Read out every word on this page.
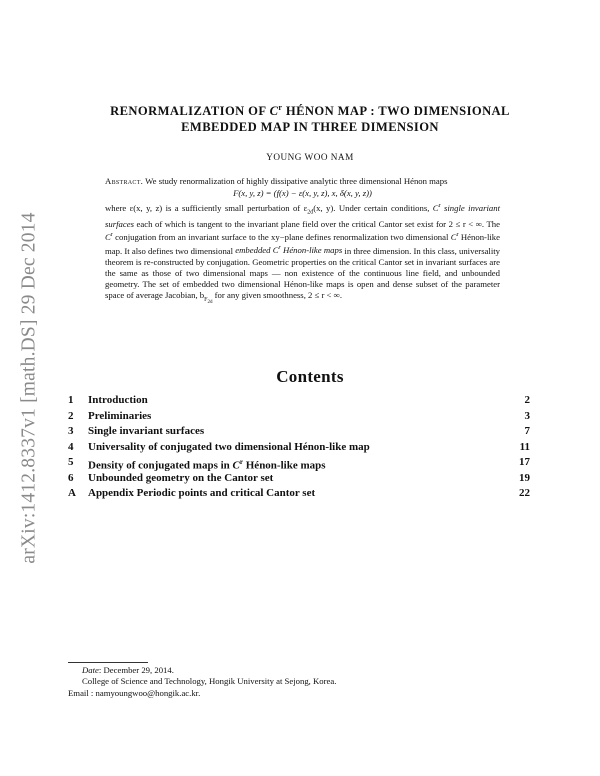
arXiv:1412.8337v1 [math.DS] 29 Dec 2014
RENORMALIZATION OF $C^r$ HÉNON MAP : TWO DIMENSIONAL
EMBEDDED MAP IN THREE DIMENSION
YOUNG WOO NAM
Abstract. We study renormalization of highly dissipative analytic three dimensional Hénon maps
F(x, y, z) = (f(x) − ε(x, y, z), x, δ(x, y, z))
where ε(x, y, z) is a sufficiently small perturbation of $\varepsilon_{2d}(x$, y). Under certain conditions, $C^r$ single invariant surfaces each of which is tangent to the invariant plane field over the critical Cantor set exist for 2 ≤ r < ∞. The $C^r$ conjugation from an invariant surface to the xy−plane defines renormalization two dimensional $C^r$ Hénon-like map. It also defines two dimensional embedded $C^r$ Hénon-like maps in three dimension. In this class, universality theorem is re-constructed by conjugation. Geometric properties on the critical Cantor set in invariant surfaces are the same as those of two dimensional maps — non existence of the continuous line field, and unbounded geometry. The set of embedded two dimensional Hénon-like maps is open and dense subset of the parameter space of average Jacobian, $b_{F_{2d}}$ for any given smoothness, 2 ≤ r < ∞.
Contents
1	Introduction	2
2	Preliminaries	3
3	Single invariant surfaces	7
4	Universality of conjugated two dimensional Hénon-like map	11
5	Density of conjugated maps in $C^r$ Hénon-like maps	17
6	Unbounded geometry on the Cantor set	19
A	Appendix Periodic points and critical Cantor set	22
Date: December 29, 2014.
College of Science and Technology, Hongik University at Sejong, Korea.
Email : namyoungwoo@hongik.ac.kr.
